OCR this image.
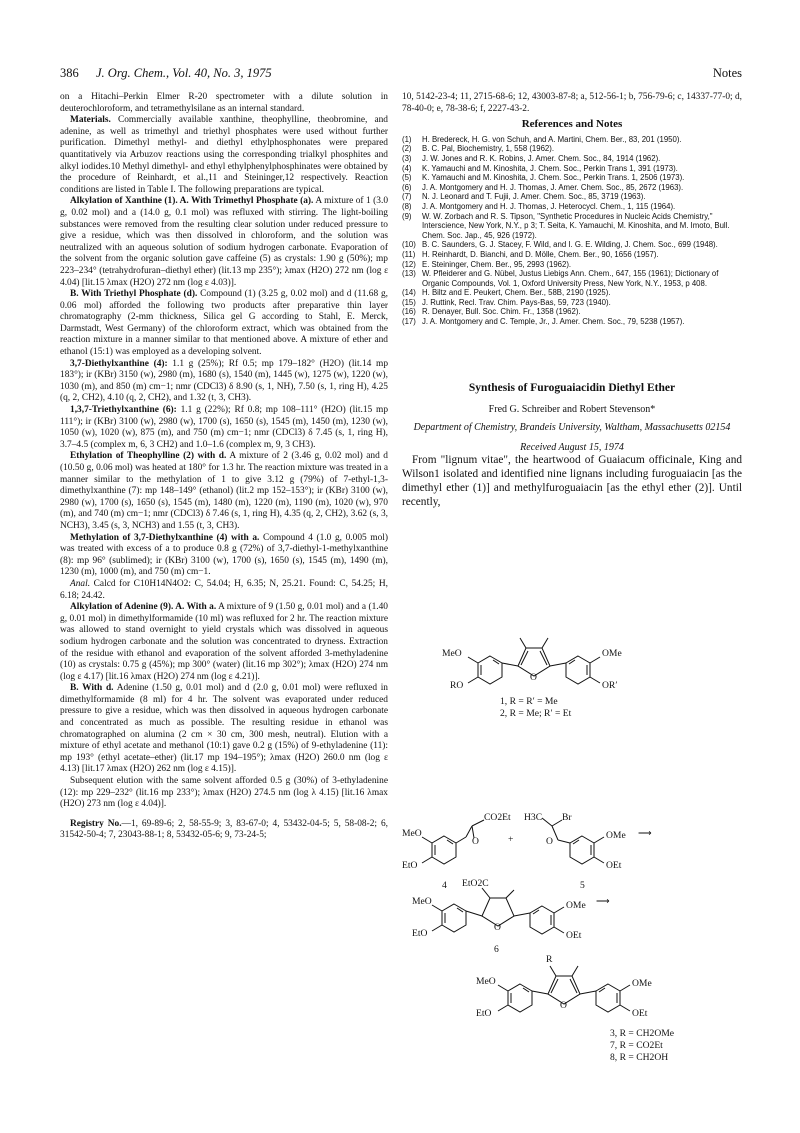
386 J. Org. Chem., Vol. 40, No. 3, 1975	Notes

on a Hitachi–Perkin Elmer R-20 spectrometer with a dilute solution in deuterochloroform, and tetramethylsilane as an internal standard.

Materials. Commercially available xanthine, theophylline, theobromine, and adenine, as well as trimethyl and triethyl phosphates were used without further purification. Dimethyl methyl- and diethyl ethylphosphonates were prepared quantitatively via Arbuzov reactions using the corresponding trialkyl phosphites and alkyl iodides.10 Methyl dimethyl- and ethyl ethylphenylphosphinates were obtained by the procedure of Reinhardt, et al.,11 and Steininger,12 respectively. Reaction conditions are listed in Table I. The following preparations are typical.

Alkylation of Xanthine (1). A. With Trimethyl Phosphate (a). A mixture of 1 (3.0 g, 0.02 mol) and a (14.0 g, 0.1 mol) was refluxed with stirring. The light-boiling substances were removed from the resulting clear solution under reduced pressure to give a residue, which was then dissolved in chloroform, and the solution was neutralized with an aqueous solution of sodium hydrogen carbonate. Evaporation of the solvent from the organic solution gave caffeine (5) as crystals: 1.90 g (50%); mp 223–234° (tetrahydrofuran–diethyl ether) (lit.13 mp 235°); λmax (H2O) 272 nm (log ε 4.04) [lit.15 λmax (H2O) 272 nm (log ε 4.03)].

B. With Triethyl Phosphate (d). Compound (1) (3.25 g, 0.02 mol) and d (11.68 g, 0.06 mol) afforded the following two products after preparative thin layer chromatography (2-mm thickness, Silica gel G according to Stahl, E. Merck, Darmstadt, West Germany) of the chloroform extract, which was obtained from the reaction mixture in a manner similar to that mentioned above. A mixture of ether and ethanol (15:1) was employed as a developing solvent.

3,7-Diethylxanthine (4): 1.1 g (25%); Rf 0.5; mp 179–182° (H2O) (lit.14 mp 183°); ir (KBr) 3150 (w), 2980 (m), 1680 (s), 1540 (m), 1445 (w), 1275 (w), 1220 (w), 1030 (m), and 850 (m) cm−1; nmr (CDCl3) δ 8.90 (s, 1, NH), 7.50 (s, 1, ring H), 4.25 (q, 2, CH2), 4.10 (q, 2, CH2), and 1.32 (t, 3, CH3).

1,3,7-Triethylxanthine (6): 1.1 g (22%); Rf 0.8; mp 108–111° (H2O) (lit.15 mp 111°); ir (KBr) 3100 (w), 2980 (w), 1700 (s), 1650 (s), 1545 (m), 1450 (m), 1230 (w), 1050 (w), 1020 (w), 875 (m), and 750 (m) cm−1; nmr (CDCl3) δ 7.45 (s, 1, ring H), 3.7–4.5 (complex m, 6, 3 CH2) and 1.0–1.6 (complex m, 9, 3 CH3).

Ethylation of Theophylline (2) with d. A mixture of 2 (3.46 g, 0.02 mol) and d (10.50 g, 0.06 mol) was heated at 180° for 1.3 hr. The reaction mixture was treated in a manner similar to the methylation of 1 to give 3.12 g (79%) of 7-ethyl-1,3-dimethylxanthine (7): mp 148–149° (ethanol) (lit.2 mp 152–153°); ir (KBr) 3100 (w), 2980 (w), 1700 (s), 1650 (s), 1545 (m), 1480 (m), 1220 (m), 1190 (m), 1020 (w), 970 (m), and 740 (m) cm−1; nmr (CDCl3) δ 7.46 (s, 1, ring H), 4.35 (q, 2, CH2), 3.62 (s, 3, NCH3), 3.45 (s, 3, NCH3) and 1.55 (t, 3, CH3).

Methylation of 3,7-Diethylxanthine (4) with a. Compound 4 (1.0 g, 0.005 mol) was treated with excess of a to produce 0.8 g (72%) of 3,7-diethyl-1-methylxanthine (8): mp 96° (sublimed); ir (KBr) 3100 (w), 1700 (s), 1650 (s), 1545 (m), 1490 (m), 1230 (m), 1000 (m), and 750 (m) cm−1.

Anal. Calcd for C10H14N4O2: C, 54.04; H, 6.35; N, 25.21. Found: C, 54.25; H, 6.18; 24.42.

Alkylation of Adenine (9). A. With a. A mixture of 9 (1.50 g, 0.01 mol) and a (1.40 g, 0.01 mol) in dimethylformamide (10 ml) was refluxed for 2 hr. The reaction mixture was allowed to stand overnight to yield crystals which was dissolved in aqueous sodium hydrogen carbonate and the solution was concentrated to dryness. Extraction of the residue with ethanol and evaporation of the solvent afforded 3-methyladenine (10) as crystals: 0.75 g (45%); mp 300° (water) (lit.16 mp 302°); λmax (H2O) 274 nm (log ε 4.17) [lit.16 λmax (H2O) 274 nm (log ε 4.21)].

B. With d. Adenine (1.50 g, 0.01 mol) and d (2.0 g, 0.01 mol) were refluxed in dimethylformamide (8 ml) for 4 hr. The solvent was evaporated under reduced pressure to give a residue, which was then dissolved in aqueous hydrogen carbonate and concentrated as much as possible. The resulting residue in ethanol was chromatographed on alumina (2 cm × 30 cm, 300 mesh, neutral). Elution with a mixture of ethyl acetate and methanol (10:1) gave 0.2 g (15%) of 9-ethyladenine (11): mp 193° (ethyl acetate–ether) (lit.17 mp 194–195°); λmax (H2O) 260.0 nm (log ε 4.13) [lit.17 λmax (H2O) 262 nm (log ε 4.15)].

Subsequent elution with the same solvent afforded 0.5 g (30%) of 3-ethyladenine (12): mp 229–232° (lit.16 mp 233°); λmax (H2O) 274.5 nm (log λ 4.15) [lit.16 λmax (H2O) 273 nm (log ε 4.04)].

Registry No.—1, 69-89-6; 2, 58-55-9; 3, 83-67-0; 4, 53432-04-5; 5, 58-08-2; 6, 31542-50-4; 7, 23043-88-1; 8, 53432-05-6; 9, 73-24-5;

10, 5142-23-4; 11, 2715-68-6; 12, 43003-87-8; a, 512-56-1; b, 756-79-6; c, 14337-77-0; d, 78-40-0; e, 78-38-6; f, 2227-43-2.

References and Notes
(1)	H. Bredereck, H. G. von Schuh, and A. Martini, Chem. Ber., 83, 201 (1950).
(2)	B. C. Pal, Biochemistry, 1, 558 (1962).
(3)	J. W. Jones and R. K. Robins, J. Amer. Chem. Soc., 84, 1914 (1962).
(4)	K. Yamauchi and M. Kinoshita, J. Chem. Soc., Perkin Trans 1, 391 (1973).
(5)	K. Yamauchi and M. Kinoshita, J. Chem. Soc., Perkin Trans. 1, 2506 (1973).
(6)	J. A. Montgomery and H. J. Thomas, J. Amer. Chem. Soc., 85, 2672 (1963).
(7)	N. J. Leonard and T. Fujii, J. Amer. Chem. Soc., 85, 3719 (1963).
(8)	J. A. Montgomery and H. J. Thomas, J. Heterocycl. Chem., 1, 115 (1964).
(9)	W. W. Zorbach and R. S. Tipson, "Synthetic Procedures in Nucleic Acids Chemistry," Interscience, New York, N.Y., p 3; T. Seita, K. Yamauchi, M. Kinoshita, and M. Imoto, Bull. Chem. Soc. Jap., 45, 926 (1972).
(10) B. C. Saunders, G. J. Stacey, F. Wild, and I. G. E. Wilding, J. Chem. Soc., 699 (1948).
(11) H. Reinhardt, D. Bianchi, and D. Mölle, Chem. Ber., 90, 1656 (1957).
(12) E. Steininger, Chem. Ber., 95, 2993 (1962).
(13) W. Pfleiderer and G. Nübel, Justus Liebigs Ann. Chem., 647, 155 (1961); Dictionary of Organic Compounds, Vol. 1, Oxford University Press, New York, N.Y., 1953, p 408.
(14) H. Biltz and E. Peukert, Chem. Ber., 58B, 2190 (1925).
(15) J. Ruttink, Recl. Trav. Chim. Pays-Bas, 59, 723 (1940).
(16) R. Denayer, Bull. Soc. Chim. Fr., 1358 (1962).
(17) J. A. Montgomery and C. Temple, Jr., J. Amer. Chem. Soc., 79, 5238 (1957).
Synthesis of Furoguaiacidin Diethyl Ether
Fred G. Schreiber and Robert Stevenson*
Department of Chemistry, Brandeis University, Waltham, Massachusetts 02154
Received August 15, 1974

From "lignum vitae", the heartwood of Guaiacum officinale, King and Wilson1 isolated and identified nine lignans including furoguaiacin [as the dimethyl ether (1)] and methylfuroguaiacin [as the ethyl ether (2)]. Until recently,

MeO	OMe
RO	OR′
O
1, R = R′ = Me
2, R = Me; R′ = Et
CO2Et H3C Br
MeO
EtO
O	+	O
OMe ⟶
OEt
4	5
EtO2C
MeO
EtO
O
OMe ⟶
OEt
6
R
MeO
EtO
O
OMe
OEt
3, R = CH2OMe
7, R = CO2Et
8, R = CH2OH
